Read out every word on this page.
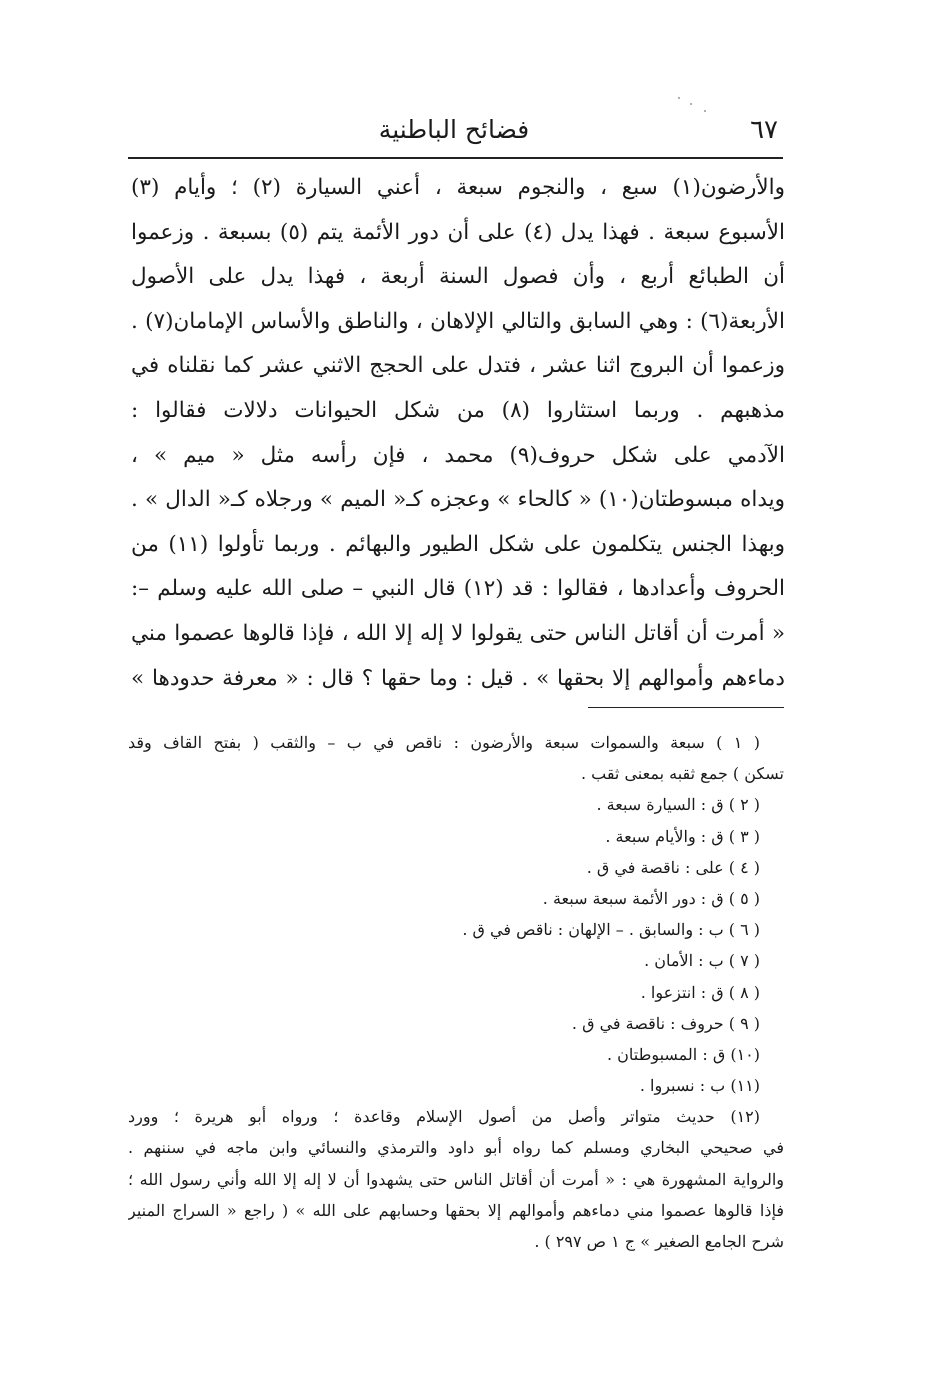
٦٧
فضائح الباطنية
والأرضون(١) سبع ، والنجوم سبعة ، أعني السيارة (٢) ؛ وأيام (٣)
الأسبوع سبعة . فهذا يدل (٤) على أن دور الأئمة يتم (٥) بسبعة . وزعموا
أن الطبائع أربع ، وأن فصول السنة أربعة ، فهذا يدل على الأصول
الأربعة(٦) : وهي السابق والتالي الإلاهان ، والناطق والأساس الإمامان(٧) .
وزعموا أن البروج اثنا عشر ، فتدل على الحجج الاثني عشر كما نقلناه في
مذهبهم . وربما استثاروا (٨) من شكل الحيوانات دلالات فقالوا :
الآدمي على شكل حروف(٩) محمد ، فإن رأسه مثل « ميم » ،
ويداه مبسوطتان(١٠) « كالحاء » وعجزه كـ« الميم » ورجلاه كـ« الدال » .
وبهذا الجنس يتكلمون على شكل الطيور والبهائم . وربما تأولوا (١١) من
الحروف وأعدادها ، فقالوا : قد (١٢) قال النبي – صلى الله عليه وسلم –:
« أمرت أن أقاتل الناس حتى يقولوا لا إله إلا الله ، فإذا قالوها عصموا مني
دماءهم وأموالهم إلا بحقها » . قيل : وما حقها ؟ قال : « معرفة حدودها »
( ١ ) سبعة والسموات سبعة والأرضون : ناقص في ب – والثقب ( بفتح القاف وقد
تسكن ) جمع ثقبه بمعنى ثقب .
( ٢ ) ق : السيارة سبعة .
( ٣ ) ق : والأيام سبعة .
( ٤ ) على : ناقصة في ق .
( ٥ ) ق : دور الأئمة سبعة سبعة .
( ٦ ) ب : والسابق . – الإلهان : ناقص في ق .
( ٧ ) ب : الأمان .
( ٨ ) ق : انتزعوا .
( ٩ ) حروف : ناقصة في ق .
(١٠) ق : المسبوطتان .
(١١) ب : نسبروا .
(١٢) حديث متواتر وأصل من أصول الإسلام وقاعدة ؛ ورواه أبو هريرة ؛ وورد
في صحيحي البخاري ومسلم كما رواه أبو داود والترمذي والنسائي وابن ماجه في سننهم .
والرواية المشهورة هي : « أمرت أن أقاتل الناس حتى يشهدوا أن لا إله إلا الله وأني رسول الله ؛
فإذا قالوها عصموا مني دماءهم وأموالهم إلا بحقها وحسابهم على الله » ( راجع « السراج المنير
شرح الجامع الصغير » ج ١ ص ٢٩٧ ) .
